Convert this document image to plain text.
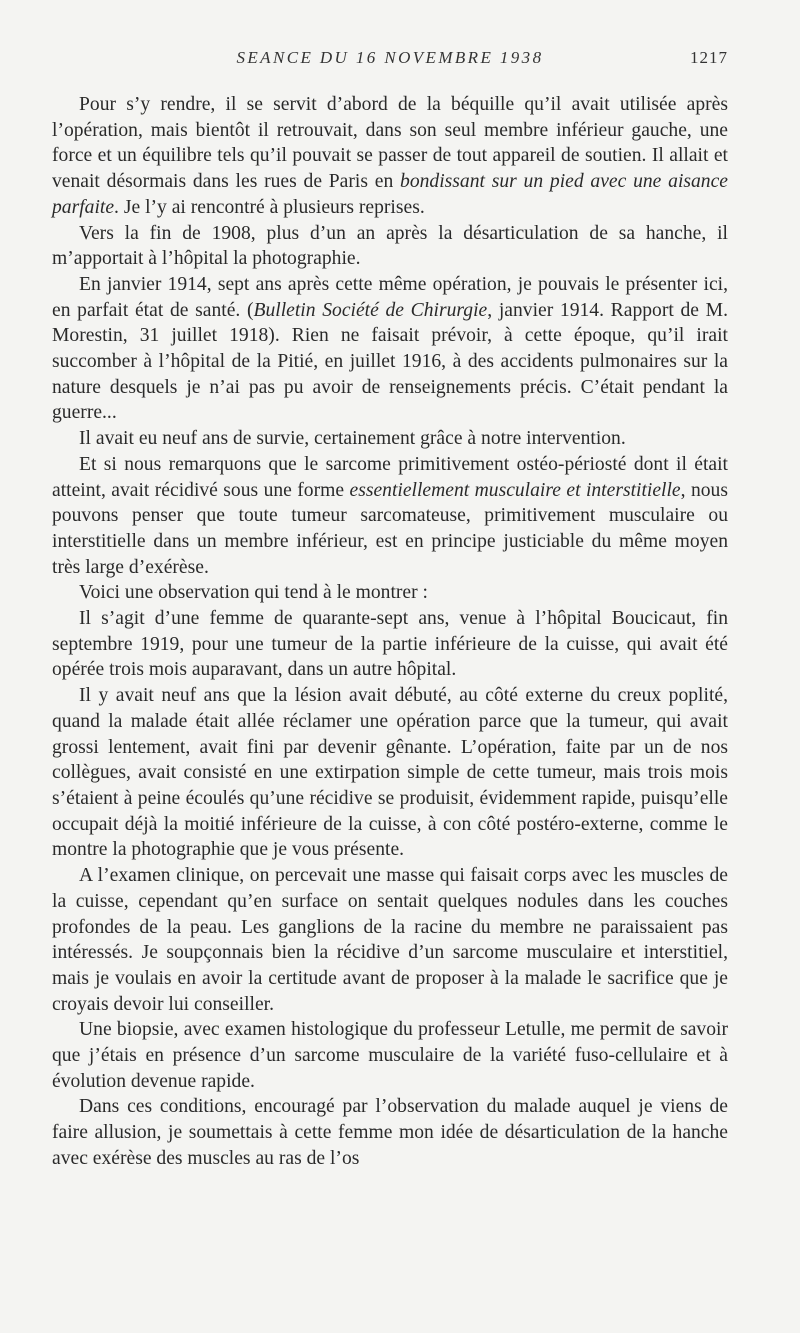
SEANCE DU 16 NOVEMBRE 1938	1217

Pour s’y rendre, il se servit d’abord de la béquille qu’il avait utilisée après l’opération, mais bientôt il retrouvait, dans son seul membre inférieur gauche, une force et un équilibre tels qu’il pouvait se passer de tout appareil de soutien. Il allait et venait désormais dans les rues de Paris en bondissant sur un pied avec une aisance parfaite. Je l’y ai rencontré à plusieurs reprises.

Vers la fin de 1908, plus d’un an après la désarticulation de sa hanche, il m’apportait à l’hôpital la photographie.

En janvier 1914, sept ans après cette même opération, je pouvais le présenter ici, en parfait état de santé. (Bulletin Société de Chirurgie, janvier 1914. Rapport de M. Morestin, 31 juillet 1918). Rien ne faisait prévoir, à cette époque, qu’il irait succomber à l’hôpital de la Pitié, en juillet 1916, à des accidents pulmonaires sur la nature desquels je n’ai pas pu avoir de renseignements précis. C’était pendant la guerre...

Il avait eu neuf ans de survie, certainement grâce à notre intervention.

Et si nous remarquons que le sarcome primitivement ostéo-périosté dont il était atteint, avait récidivé sous une forme essentiellement musculaire et interstitielle, nous pouvons penser que toute tumeur sarcomateuse, primitivement musculaire ou interstitielle dans un membre inférieur, est en principe justiciable du même moyen très large d’exérèse.

Voici une observation qui tend à le montrer :

Il s’agit d’une femme de quarante-sept ans, venue à l’hôpital Boucicaut, fin septembre 1919, pour une tumeur de la partie inférieure de la cuisse, qui avait été opérée trois mois auparavant, dans un autre hôpital.

Il y avait neuf ans que la lésion avait débuté, au côté externe du creux poplité, quand la malade était allée réclamer une opération parce que la tumeur, qui avait grossi lentement, avait fini par devenir gênante. L’opération, faite par un de nos collègues, avait consisté en une extirpation simple de cette tumeur, mais trois mois s’étaient à peine écoulés qu’une récidive se produisit, évidemment rapide, puisqu’elle occupait déjà la moitié inférieure de la cuisse, à con côté postéro-externe, comme le montre la photographie que je vous présente.

A l’examen clinique, on percevait une masse qui faisait corps avec les muscles de la cuisse, cependant qu’en surface on sentait quelques nodules dans les couches profondes de la peau. Les ganglions de la racine du membre ne paraissaient pas intéressés. Je soupçonnais bien la récidive d’un sarcome musculaire et interstitiel, mais je voulais en avoir la certitude avant de proposer à la malade le sacrifice que je croyais devoir lui conseiller.

Une biopsie, avec examen histologique du professeur Letulle, me permit de savoir que j’étais en présence d’un sarcome musculaire de la variété fuso-cellulaire et à évolution devenue rapide.

Dans ces conditions, encouragé par l’observation du malade auquel je viens de faire allusion, je soumettais à cette femme mon idée de désarticulation de la hanche avec exérèse des muscles au ras de l’os
